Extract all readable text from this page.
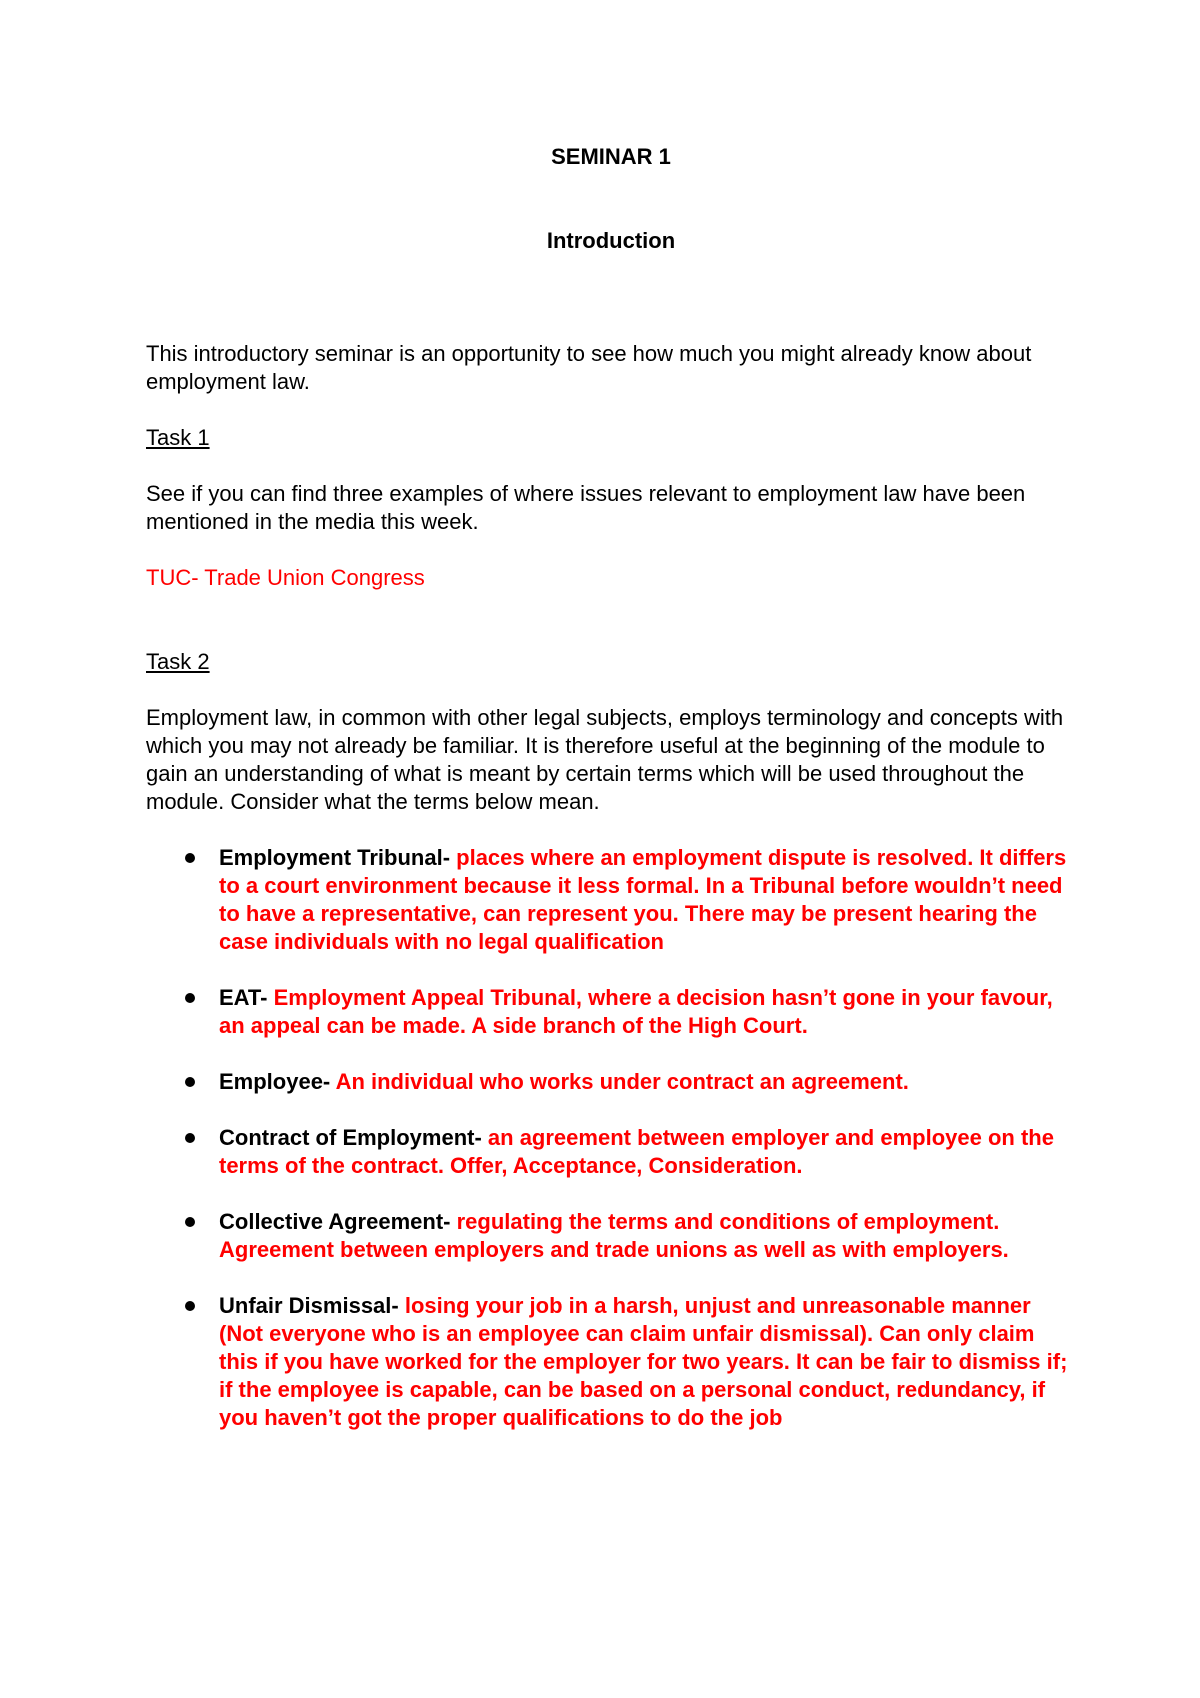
SEMINAR 1

Introduction

This introductory seminar is an opportunity to see how much you might already know about employment law.

Task 1

See if you can find three examples of where issues relevant to employment law have been mentioned in the media this week.

TUC- Trade Union Congress

Task 2

Employment law, in common with other legal subjects, employs terminology and concepts with which you may not already be familiar. It is therefore useful at the beginning of the module to gain an understanding of what is meant by certain terms which will be used throughout the module. Consider what the terms below mean.

Employment Tribunal- places where an employment dispute is resolved. It differs to a court environment because it less formal. In a Tribunal before wouldn’t need to have a representative, can represent you. There may be present hearing the case individuals with no legal qualification
EAT- Employment Appeal Tribunal, where a decision hasn’t gone in your favour, an appeal can be made. A side branch of the High Court.
Employee- An individual who works under contract an agreement.
Contract of Employment- an agreement between employer and employee on the terms of the contract. Offer, Acceptance, Consideration.
Collective Agreement- regulating the terms and conditions of employment. Agreement between employers and trade unions as well as with employers.
Unfair Dismissal- losing your job in a harsh, unjust and unreasonable manner (Not everyone who is an employee can claim unfair dismissal). Can only claim this if you have worked for the employer for two years. It can be fair to dismiss if; if the employee is capable, can be based on a personal conduct, redundancy, if you haven’t got the proper qualifications to do the job
